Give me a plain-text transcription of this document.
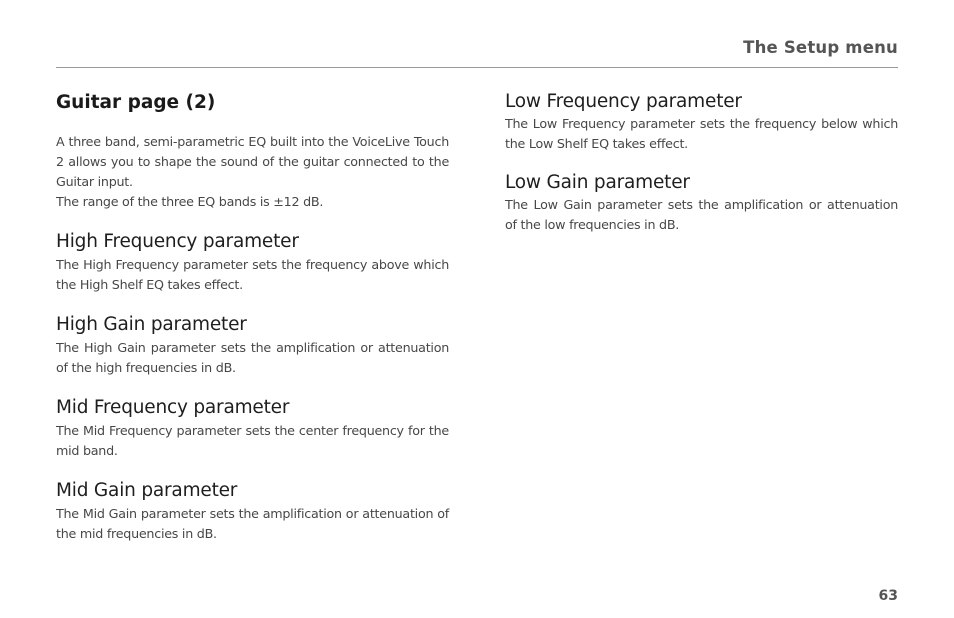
The Setup menu
Guitar page (2)

A three band, semi-parametric EQ built into the VoiceLive Touch 2 allows you to shape the sound of the guitar connected to the Guitar input.

The range of the three EQ bands is ±12 dB.

High Frequency parameter

The High Frequency parameter sets the frequency above which the High Shelf EQ takes effect.

High Gain parameter

The High Gain parameter sets the amplification or attenuation of the high frequencies in dB.

Mid Frequency parameter

The Mid Frequency parameter sets the center frequency for the mid band.

Mid Gain parameter

The Mid Gain parameter sets the amplification or attenuation of the mid frequencies in dB.

Low Frequency parameter

The Low Frequency parameter sets the frequency below which the Low Shelf EQ takes effect.

Low Gain parameter

The Low Gain parameter sets the amplification or attenuation of the low frequencies in dB.

63
